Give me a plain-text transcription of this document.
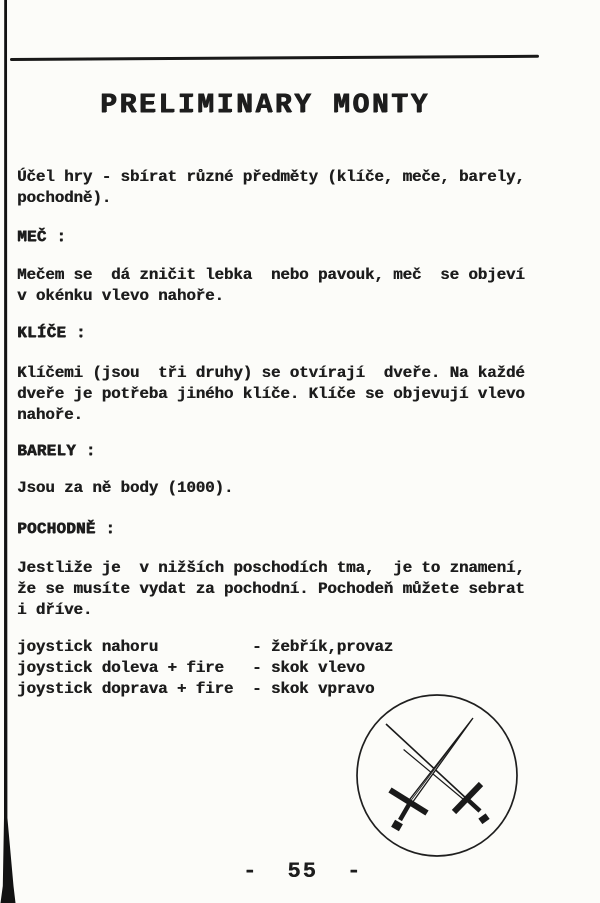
PRELIMINARY MONTY
Účel hry - sbírat různé předměty (klíče, meče, barely,
pochodně).
MEČ :
Mečem se  dá zničit lebka  nebo pavouk, meč  se objeví
v okénku vlevo nahoře.
KLÍČE :
Klíčemi (jsou  tři druhy) se otvírají  dveře. Na každé
dveře je potřeba jiného klíče. Klíče se objevují vlevo
nahoře.
BARELY :
Jsou za ně body (1000).
POCHODNĚ :
Jestliže je  v nižších poschodích tma,  je to znamení,
že se musíte vydat za pochodní. Pochodeň můžete sebrat
i dříve.
joystick nahoru          - žebřík,provaz
joystick doleva + fire   - skok vlevo
joystick doprava + fire  - skok vpravo
- 55 -
